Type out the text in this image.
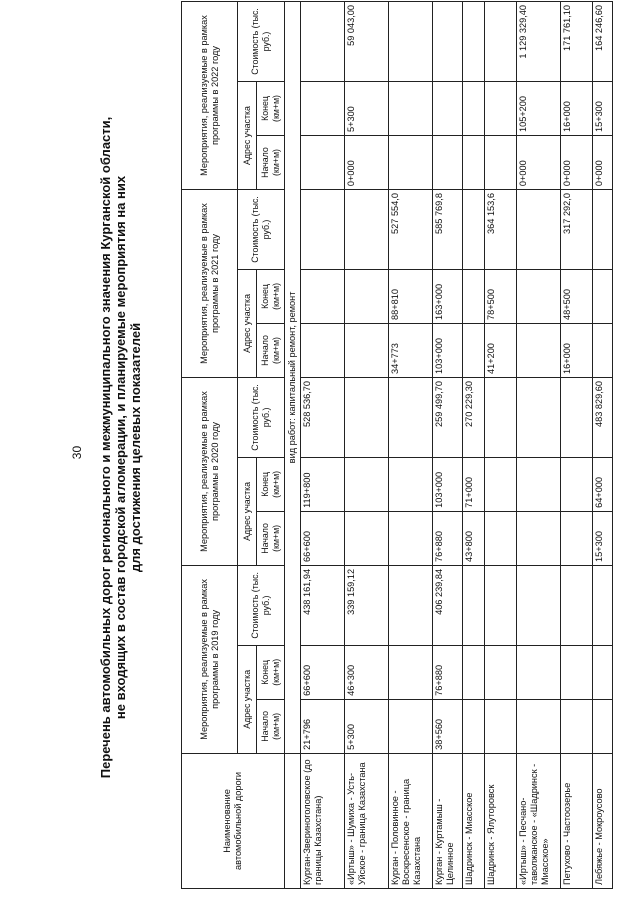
30 Перечень автомобильных дорог регионального и межмуниципального значения Курганской области, не входящих в состав городской агломерации, и планируемые мероприятия на них для достижения целевых показателей
Наименование автомобильной дороги	Мероприятия, реализуемые в рамках программы в 2019 году			Мероприятия, реализуемые в рамках программы в 2020 году			Мероприятия, реализуемые в рамках программы в 2021 году			Мероприятия, реализуемые в рамках программы в 2022 году		
	Адрес участка		Стоимость (тыс. руб.)	Адрес участка		Стоимость (тыс. руб.)	Адрес участка		Стоимость (тыс. руб.)	Адрес участка		Стоимость (тыс. руб.)
	Начало (км+м)	Конец (км+м)		Начало (км+м)	Конец (км+м)		Начало (км+м)	Конец (км+м)		Начало (км+м)	Конец (км+м)	
	вид работ: капитальный ремонт, ремонт											
Курган-Звериноголовское (до границы Казахстана)	21+796	66+600	438 161,94	66+600	119+800	528 536,70						
«Иртыш» - Шумиха - Усть-Уйское - граница Казахстана	5+300	46+300	339 159,12							0+000	5+300	59 043,00
Курган - Половинное - Воскресенское - граница Казахстана							34+773	88+810	527 554,0			
Курган - Куртамыш - Целинное	38+560	76+880	406 239,84	76+880	103+000	259 499,70	103+000	163+000	585 769,8			
Шадринск - Миасское				43+800	71+000	270 229,30						
Шадринск - Ялуторовск							41+200	78+500	364 153,6			
«Иртыш» - Песчано-таволжанское - «Шадринск - Миасское»										0+000	105+200	1 129 329,40
Петухово - Частоозерье							16+000	48+500	317 292,0	0+000	16+000	171 761,10
Лебяжье - Мокроусово				15+300	64+000	483 829,60				0+000	15+300	164 246,60
